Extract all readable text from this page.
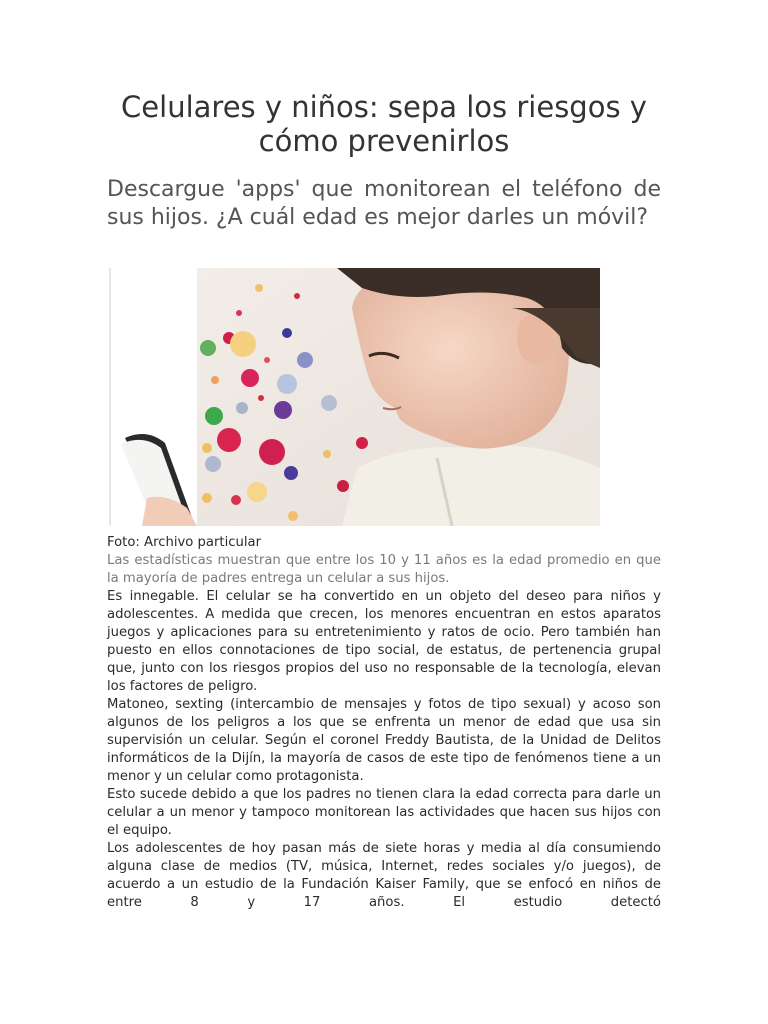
Celulares y niños: sepa los riesgos y cómo prevenirlos
Descargue 'apps' que monitorean el teléfono de sus hijos. ¿A cuál edad es mejor darles un móvil?

Foto: Archivo particular

Las estadísticas muestran que entre los 10 y 11 años es la edad promedio en que la mayoría de padres entrega un celular a sus hijos.

Es innegable. El celular se ha convertido en un objeto del deseo para niños y adolescentes. A medida que crecen, los menores encuentran en estos aparatos juegos y aplicaciones para su entretenimiento y ratos de ocio. Pero también han puesto en ellos connotaciones de tipo social, de estatus, de pertenencia grupal que, junto con los riesgos propios del uso no responsable de la tecnología, elevan los factores de peligro.

Matoneo, sexting (intercambio de mensajes y fotos de tipo sexual) y acoso son algunos de los peligros a los que se enfrenta un menor de edad que usa sin supervisión un celular. Según el coronel Freddy Bautista, de la Unidad de Delitos informáticos de la Dijín, la mayoría de casos de este tipo de fenómenos tiene a un menor y un celular como protagonista.

Esto sucede debido a que los padres no tienen clara la edad correcta para darle un celular a un menor y tampoco monitorean las actividades que hacen sus hijos con el equipo.

Los adolescentes de hoy pasan más de siete horas y media al día consumiendo alguna clase de medios (TV, música, Internet, redes sociales y/o juegos), de acuerdo a un estudio de la Fundación Kaiser Family, que se enfocó en niños de entre 8 y 17 años. El estudio detectó
